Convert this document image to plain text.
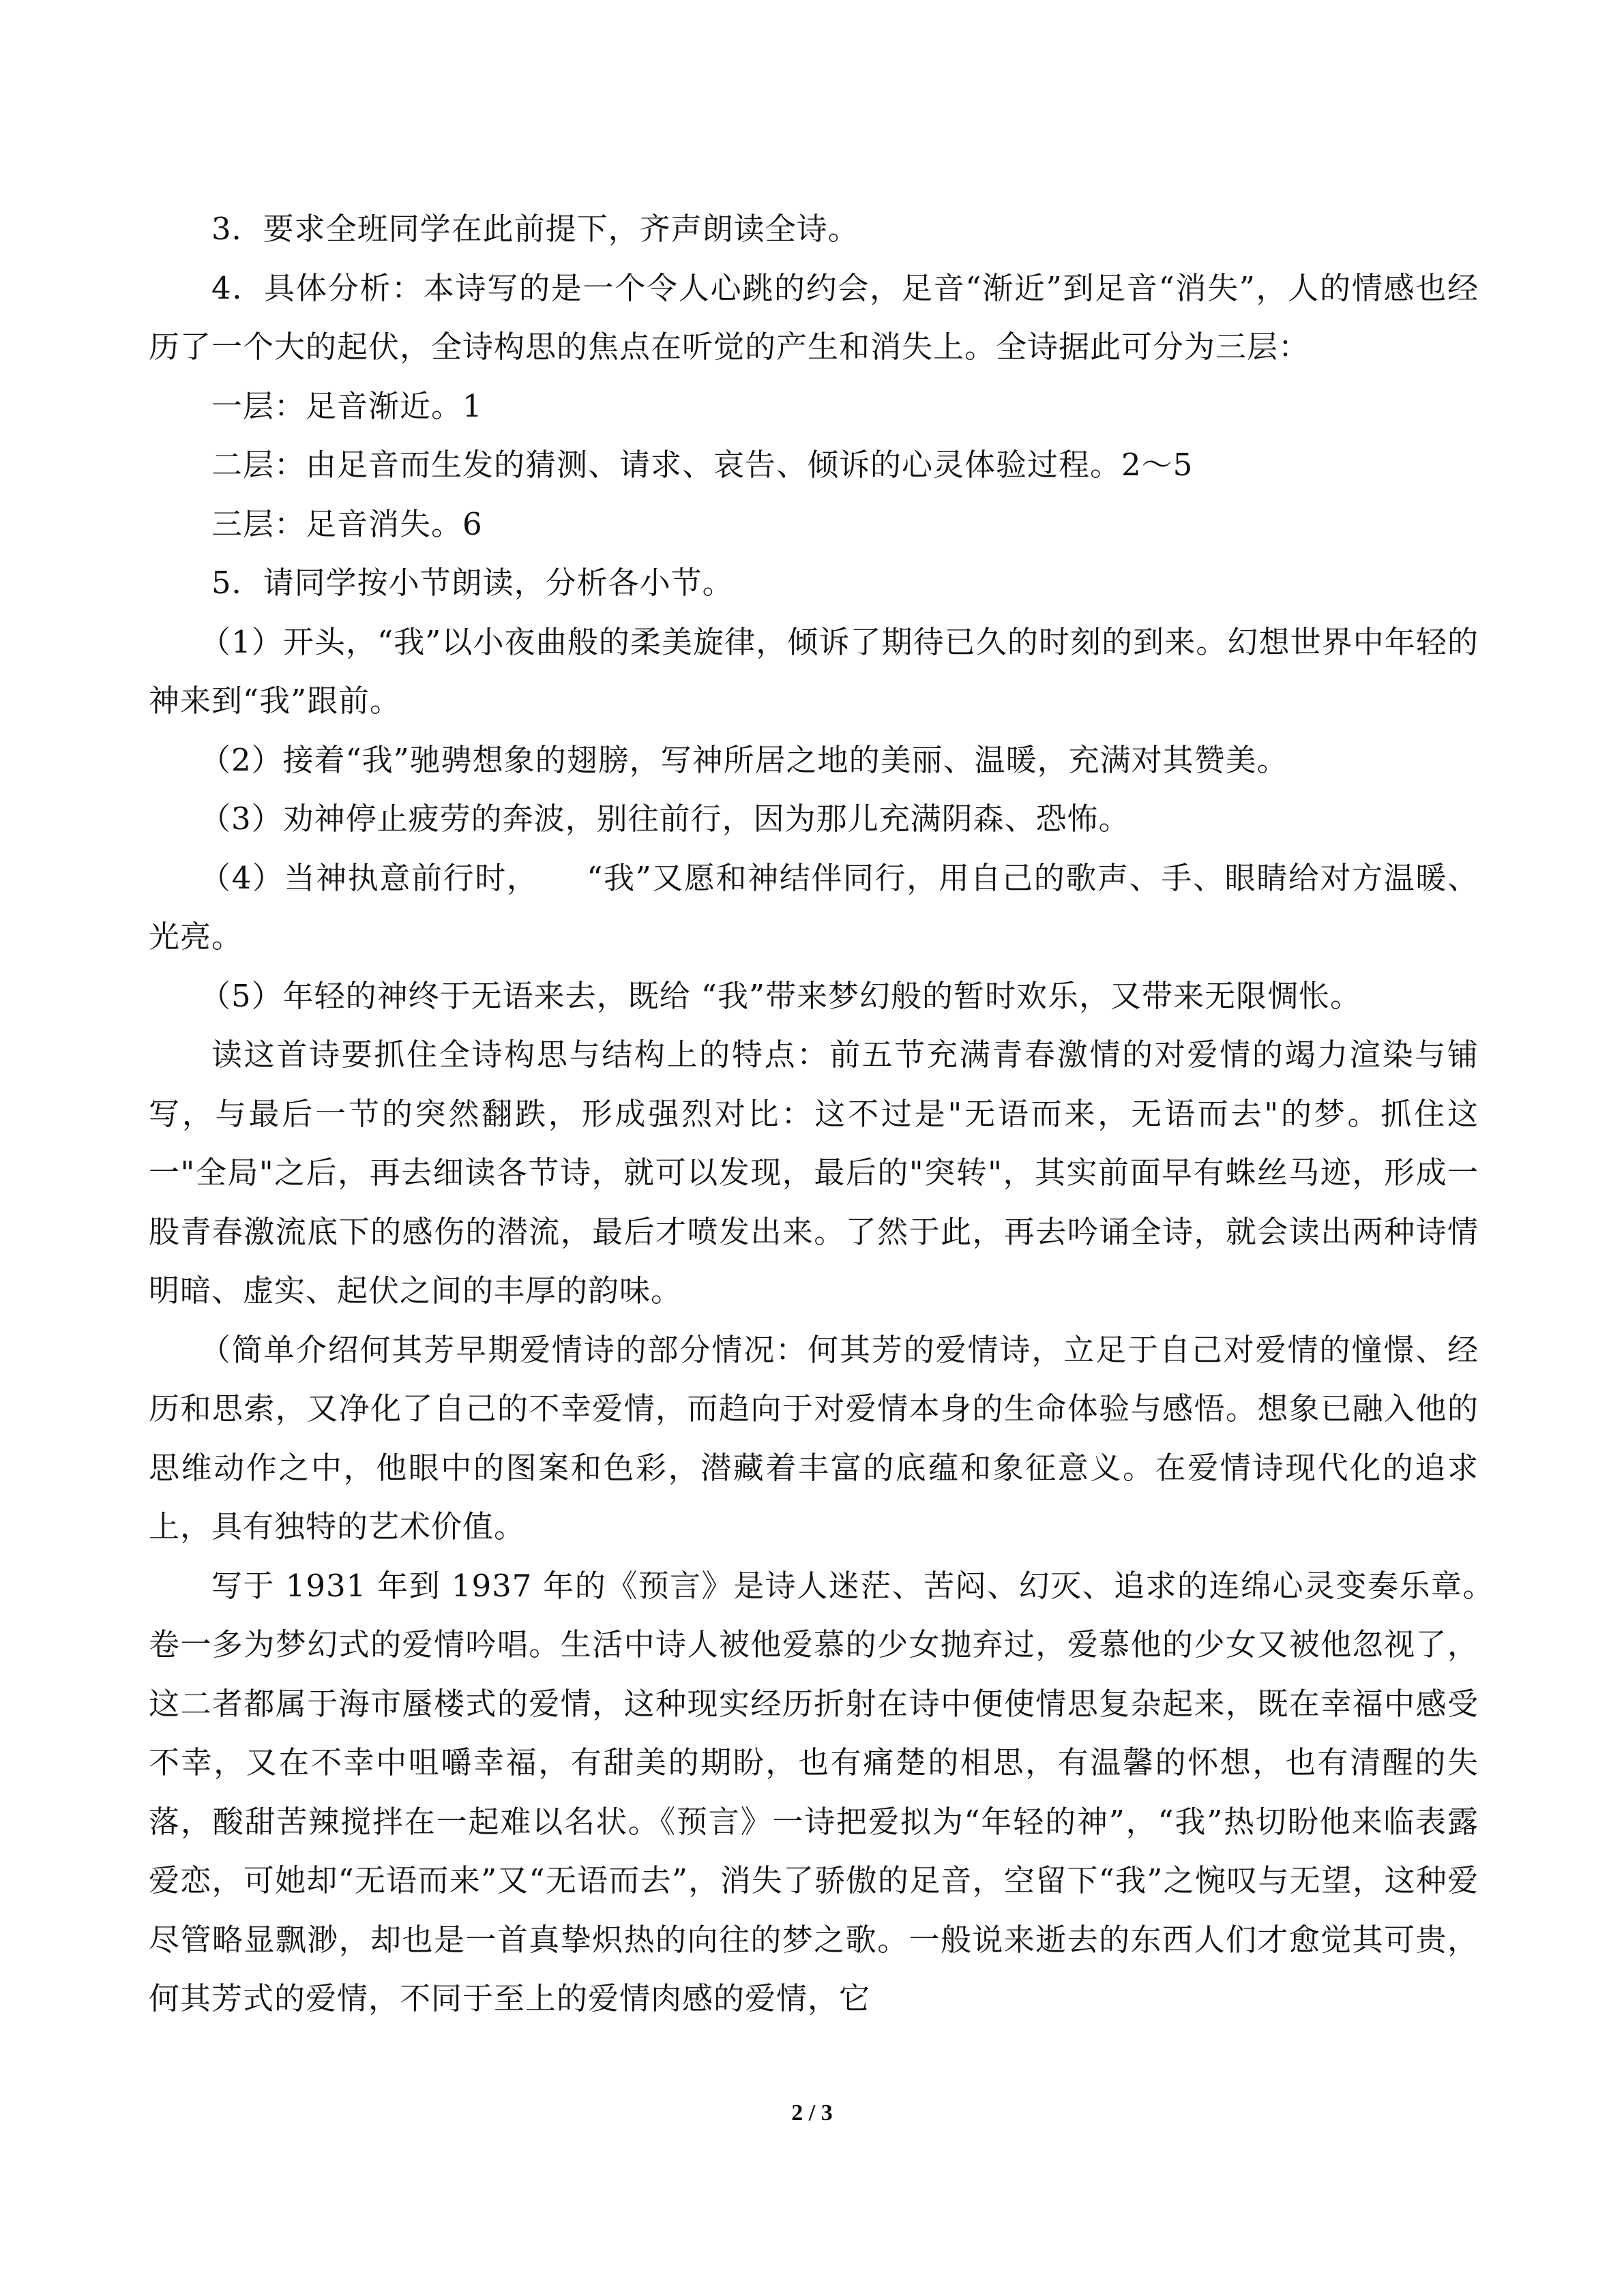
3．要求全班同学在此前提下，齐声朗读全诗。

4．具体分析：本诗写的是一个令人心跳的约会，足音“渐近”到足音“消失”，人的情感也经历了一个大的起伏，全诗构思的焦点在听觉的产生和消失上。全诗据此可分为三层：

一层：足音渐近。1

二层：由足音而生发的猜测、请求、哀告、倾诉的心灵体验过程。2～5

三层：足音消失。6

5．请同学按小节朗读，分析各小节。

（1）开头，“我”以小夜曲般的柔美旋律，倾诉了期待已久的时刻的到来。幻想世界中年轻的神来到“我”跟前。

（2）接着“我”驰骋想象的翅膀，写神所居之地的美丽、温暖，充满对其赞美。

（3）劝神停止疲劳的奔波，别往前行，因为那儿充满阴森、恐怖。

（4）当神执意前行时，　　“我”又愿和神结伴同行，用自己的歌声、手、眼睛给对方温暖、光亮。

（5）年轻的神终于无语来去，既给 “我”带来梦幻般的暂时欢乐，又带来无限惆怅。

读这首诗要抓住全诗构思与结构上的特点：前五节充满青春激情的对爱情的竭力渲染与铺写，与最后一节的突然翻跌，形成强烈对比：这不过是"无语而来，无语而去"的梦。抓住这一"全局"之后，再去细读各节诗，就可以发现，最后的"突转"，其实前面早有蛛丝马迹，形成一股青春激流底下的感伤的潜流，最后才喷发出来。了然于此，再去吟诵全诗，就会读出两种诗情明暗、虚实、起伏之间的丰厚的韵味。

（简单介绍何其芳早期爱情诗的部分情况：何其芳的爱情诗，立足于自己对爱情的憧憬、经历和思索，又净化了自己的不幸爱情，而趋向于对爱情本身的生命体验与感悟。想象已融入他的思维动作之中，他眼中的图案和色彩，潜藏着丰富的底蕴和象征意义。在爱情诗现代化的追求上，具有独特的艺术价值。

写于 1931 年到 1937 年的《预言》是诗人迷茫、苦闷、幻灭、追求的连绵心灵变奏乐章。　　卷一多为梦幻式的爱情吟唱。生活中诗人被他爱慕的少女抛弃过，爱慕他的少女又被他忽视了，这二者都属于海市蜃楼式的爱情，这种现实经历折射在诗中便使情思复杂起来，既在幸福中感受不幸，又在不幸中咀嚼幸福，有甜美的期盼，也有痛楚的相思，有温馨的怀想，也有清醒的失落，酸甜苦辣搅拌在一起难以名状。《预言》一诗把爱拟为“年轻的神”，“我”热切盼他来临表露爱恋，可她却“无语而来”又“无语而去”，消失了骄傲的足音，空留下“我”之惋叹与无望，这种爱尽管略显飘渺，却也是一首真挚炽热的向往的梦之歌。一般说来逝去的东西人们才愈觉其可贵，何其芳式的爱情，不同于至上的爱情肉感的爱情，它

2 / 3
